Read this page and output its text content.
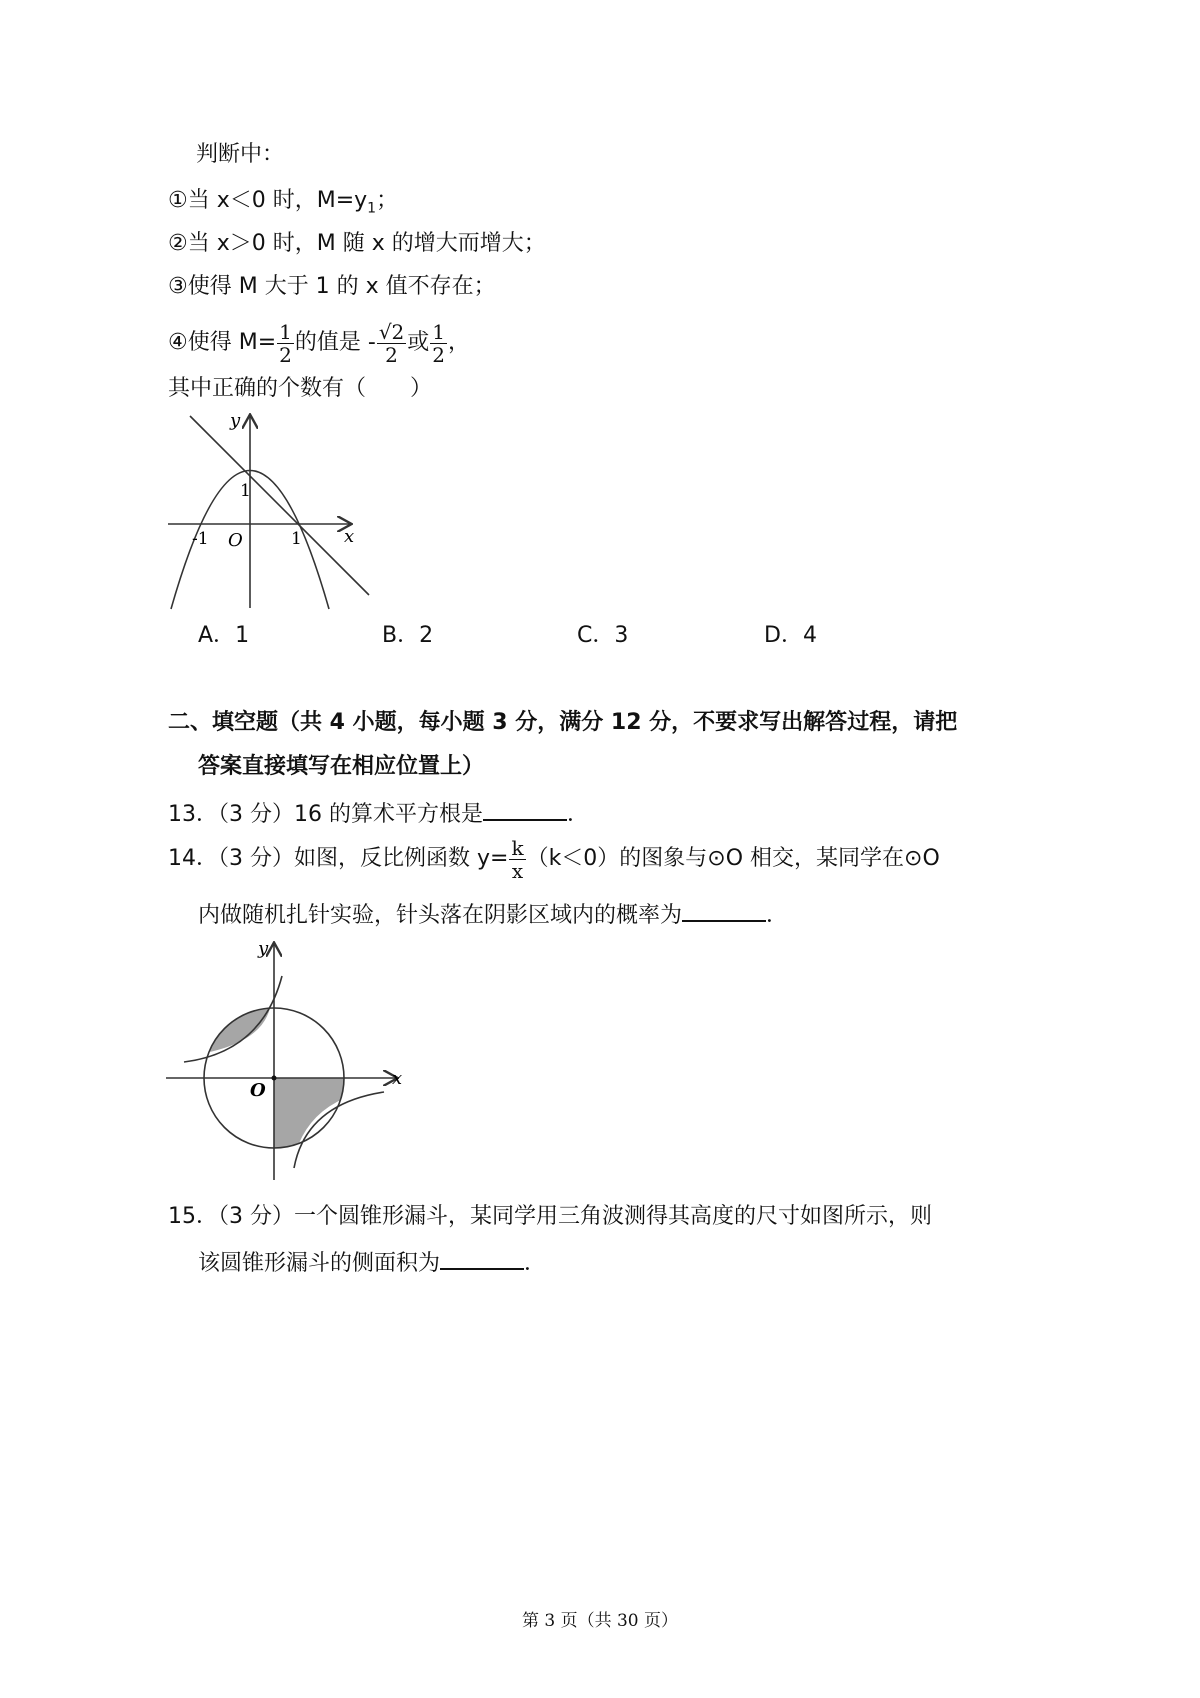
判断中：
①当 x＜0 时，$M=y_1$；
②当 x＞0 时，M 随 x 的增大而增大；
③使得 M 大于 1 的 x 值不存在；
④使得 $M= \frac{1}{2}$ 的值是 - $\frac{√2}{2}$ 或 $\frac{1}{2}$ ，
其中正确的个数有（　　）
y
x
1
-1 O	1
A．1	B．2	C．3	D．4
二、填空题（共 4 小题，每小题 3 分，满分 12 分，不要求写出解答过程，请把
答案直接填写在相应位置上）
13．（3 分）16 的算术平方根是	．
14．（3 分）如图，反比例函数 $y= \frac{k}{x} (k<0)$的图象与⊙O 相交，某同学在⊙O
内做随机扎针实验，针头落在阴影区域内的概率为	．
y
x
O
15．（3 分）一个圆锥形漏斗，某同学用三角波测得其高度的尺寸如图所示，则
该圆锥形漏斗的侧面积为	．
第 3 页（共 30 页）
